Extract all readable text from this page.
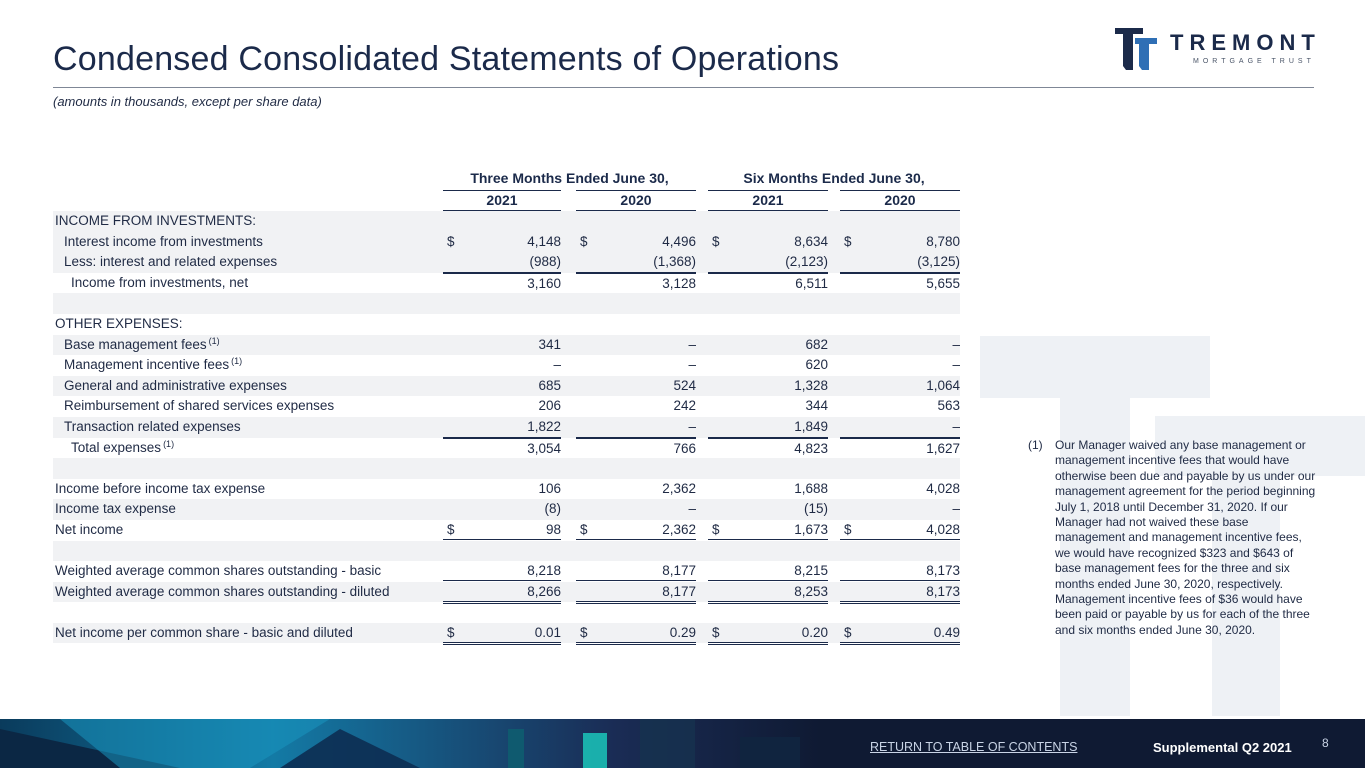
Condensed Consolidated Statements of Operations
(amounts in thousands, except per share data)
TREMONT
MORTGAGE TRUST
Three Months Ended June 30,	Six Months Ended June 30,
2021	2020	2021	2020
INCOME FROM INVESTMENTS:
Interest income from investments	$	4,148 $	4,496 $	8,634 $	8,780
Less: interest and related expenses	(988)	(1,368)	(2,123)	(3,125)
Income from investments, net	3,160	3,128	6,511	5,655
OTHER EXPENSES:
Base management fees $^{(1)}$	341	–	682	–
Management incentive fees $^{(1)}$	–	–	620	–
General and administrative expenses	685	524	1,328	1,064
Reimbursement of shared services expenses	206	242	344	563
Transaction related expenses	1,822	–	1,849	–
Total expenses $^{(1)}$	3,054	766	4,823	1,627
Income before income tax expense	106	2,362	1,688	4,028
Income tax expense	(8)	–	(15)	–
Net income	$	98 $	2,362 $	1,673 $	4,028
Weighted average common shares outstanding - basic	8,218	8,177	8,215	8,173
Weighted average common shares outstanding - diluted	8,266	8,177	8,253	8,173
Net income per common share - basic and diluted	$	0.01 $	0.29 $	0.20 $	0.49
(1) Our Manager waived any base management or management incentive fees that would have otherwise been due and payable by us under our management agreement for the period beginning July 1, 2018 until December 31, 2020. If our Manager had not waived these base management and management incentive fees, we would have recognized $323 and $643 of base management fees for the three and six months ended June 30, 2020, respectively. Management incentive fees of $36 would have been paid or payable by us for each of the three and six months ended June 30, 2020.
RETURN TO TABLE OF CONTENTS	Supplemental Q2 2021	8
